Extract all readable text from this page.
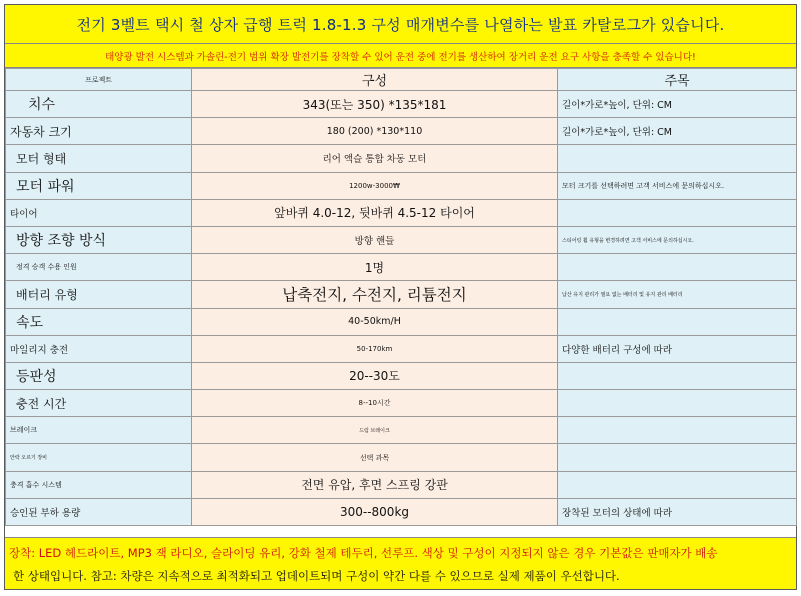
전기 3벨트 택시 철 상자 급행 트럭 1.8-1.3 구성 매개변수를 나열하는 발표 카탈로그가 있습니다.
태양광 발전 시스템과 가솔린-전기 범위 확장 발전기를 장착할 수 있어 운전 중에 전기를 생산하여 장거리 운전 요구 사항을 충족할 수 있습니다!
프로젝트	구성	주목
치수	343(또는 350) *135*181	길이*가로*높이, 단위: CM
자동차 크기	180 (200) *130*110	길이*가로*높이, 단위: CM
모터 형태	리어 액슬 통합 차동 모터	
모터 파워	1200w-3000₩	모터 크기를 선택하려면 고객 서비스에 문의하십시오.
타이어	앞바퀴 4.0-12, 뒷바퀴 4.5-12 타이어	
방향 조향 방식	방향 핸들	스티어링 휠 유형을 변경하려면 고객 서비스에 문의하십시오.
정격 승객 수용 인원	1명	
배터리 유형	납축전지, 수전지, 리튬전지	납산 유지 관리가 필요 없는 배터리 및 유지 관리 배터리
속도	40-50km/H	
마일리지 충전	50-170km	다양한 배터리 구성에 따라
등판성	20--30도	
충전 시간	8--10시간	
브레이크	드럼 브레이크	
안락 오르기 장비	선택 과목	
충격 흡수 시스템	전면 유압, 후면 스프링 강판	
승인된 부하 용량	300--800kg	장착된 모터의 상태에 따라
장착: LED 헤드라이트, MP3 잭 라디오, 슬라이딩 유리, 강화 철제 테두리, 선루프. 색상 및 구성이 지정되지 않은 경우 기본값은 판매자가 배송
한 상태입니다. 참고: 차량은 지속적으로 최적화되고 업데이트되며 구성이 약간 다를 수 있으므로 실제 제품이 우선합니다.
